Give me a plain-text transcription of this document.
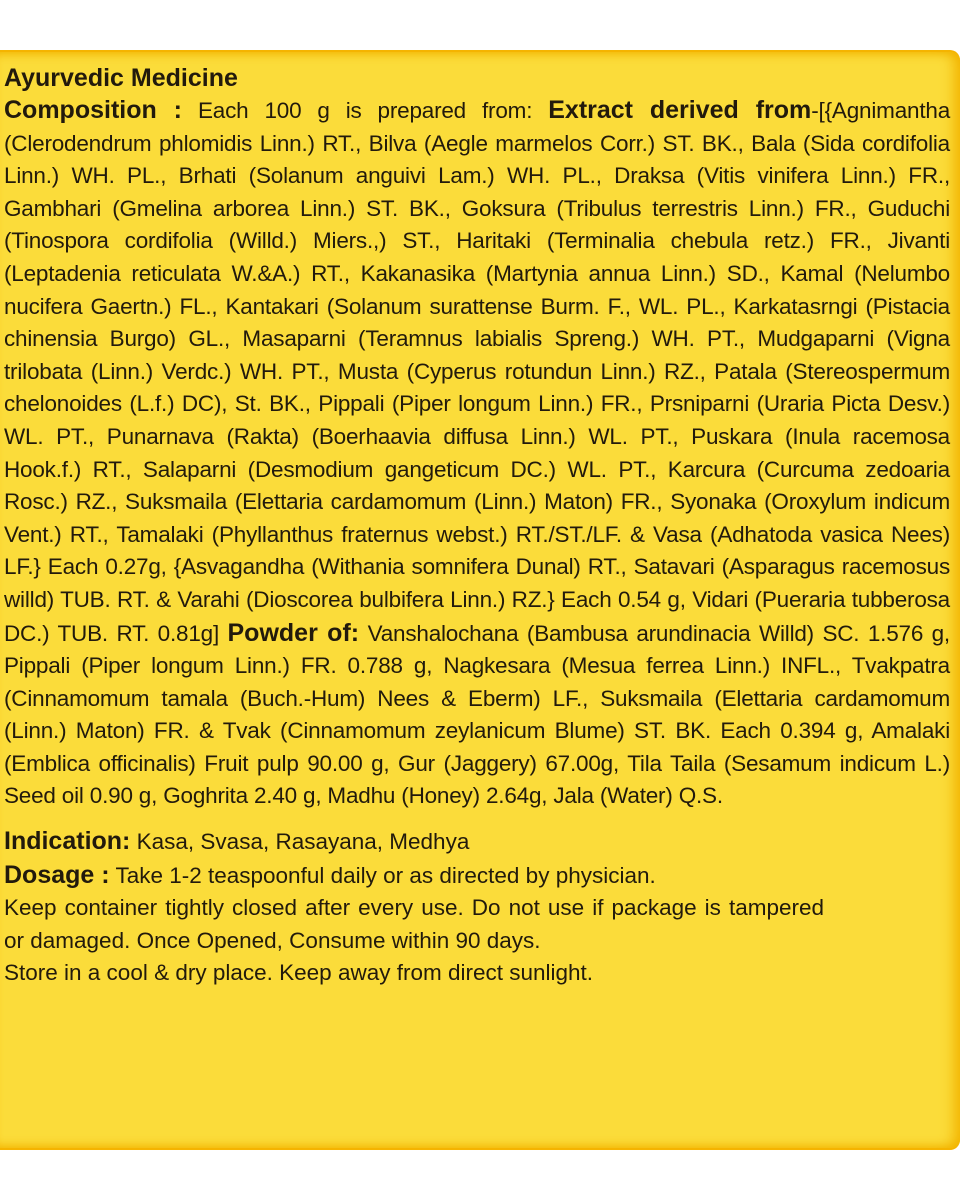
Ayurvedic Medicine

Composition : Each 100 g is prepared from: Extract derived from-[{Agnimantha (Clerodendrum phlomidis Linn.) RT., Bilva (Aegle marmelos Corr.) ST. BK., Bala (Sida cordifolia Linn.) WH. PL., Brhati (Solanum anguivi Lam.) WH. PL., Draksa (Vitis vinifera Linn.) FR., Gambhari (Gmelina arborea Linn.) ST. BK., Goksura (Tribulus terrestris Linn.) FR., Guduchi (Tinospora cordifolia (Willd.) Miers.,) ST., Haritaki (Terminalia chebula retz.) FR., Jivanti (Leptadenia reticulata W.&A.) RT., Kakanasika (Martynia annua Linn.) SD., Kamal (Nelumbo nucifera Gaertn.) FL., Kantakari (Solanum surattense Burm. F., WL. PL., Karkatasrngi (Pistacia chinensia Burgo) GL., Masaparni (Teramnus labialis Spreng.) WH. PT., Mudgaparni (Vigna trilobata (Linn.) Verdc.) WH. PT., Musta (Cyperus rotundun Linn.) RZ., Patala (Stereospermum chelonoides (L.f.) DC), St. BK., Pippali (Piper longum Linn.) FR., Prsniparni (Uraria Picta Desv.) WL. PT., Punarnava (Rakta) (Boerhaavia diffusa Linn.) WL. PT., Puskara (Inula racemosa Hook.f.) RT., Salaparni (Desmodium gangeticum DC.) WL. PT., Karcura (Curcuma zedoaria Rosc.) RZ., Suksmaila (Elettaria cardamomum (Linn.) Maton) FR., Syonaka (Oroxylum indicum Vent.) RT., Tamalaki (Phyllanthus fraternus webst.) RT./ST./LF. & Vasa (Adhatoda vasica Nees) LF.} Each 0.27g, {Asvagandha (Withania somnifera Dunal) RT., Satavari (Asparagus racemosus willd) TUB. RT. & Varahi (Dioscorea bulbifera Linn.) RZ.} Each 0.54 g, Vidari (Pueraria tubberosa DC.) TUB. RT. 0.81g] Powder of: Vanshalochana (Bambusa arundinacia Willd) SC. 1.576 g, Pippali (Piper longum Linn.) FR. 0.788 g, Nagkesara (Mesua ferrea Linn.) INFL., Tvakpatra (Cinnamomum tamala (Buch.-Hum) Nees & Eberm) LF., Suksmaila (Elettaria cardamomum (Linn.) Maton) FR. & Tvak (Cinnamomum zeylanicum Blume) ST. BK. Each 0.394 g, Amalaki (Emblica officinalis) Fruit pulp 90.00 g, Gur (Jaggery) 67.00g, Tila Taila (Sesamum indicum L.) Seed oil 0.90 g, Goghrita 2.40 g, Madhu (Honey) 2.64g, Jala (Water) Q.S.

Indication: Kasa, Svasa, Rasayana, Medhya

Dosage : Take 1-2 teaspoonful daily or as directed by physician.

Keep container tightly closed after every use. Do not use if package is tampered or damaged. Once Opened, Consume within 90 days.

Store in a cool & dry place. Keep away from direct sunlight.
